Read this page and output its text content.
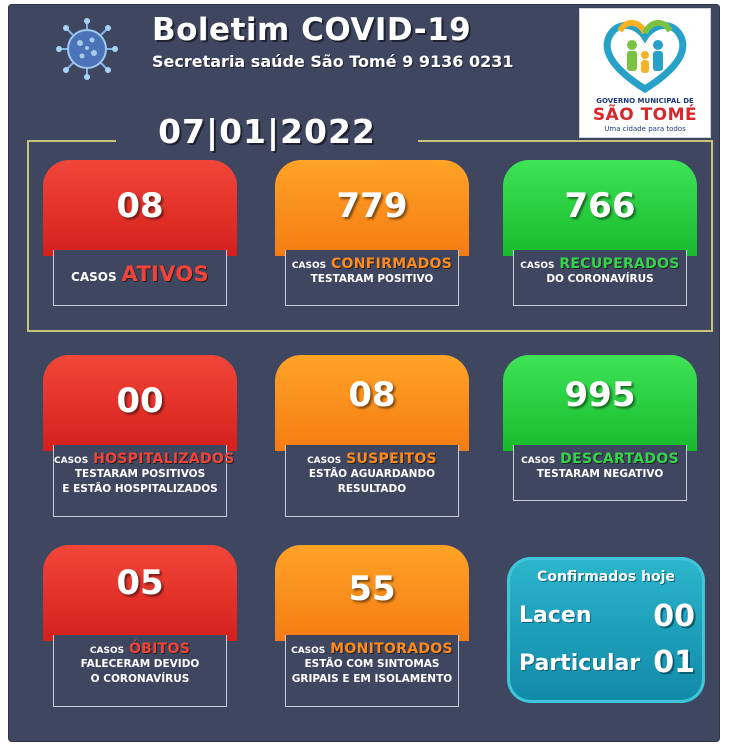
Boletim COVID-19
Secretaria saúde São Tomé 9 9136 0231
GOVERNO MUNICIPAL DE
SÃO TOMÉ
Uma cidade para todos
07|01|2022
08
CASOS ATIVOS
779
CASOS CONFIRMADOS
TESTARAM POSITIVO
766
CASOS RECUPERADOS
DO CORONAVÍRUS
00
CASOS HOSPITALIZADOS
TESTARAM POSITIVOS
E ESTÃO HOSPITALIZADOS
08
CASOS SUSPEITOS
ESTÃO AGUARDANDO
RESULTADO
995
CASOS DESCARTADOS
TESTARAM NEGATIVO
05
CASOS ÓBITOS
FALECERAM DEVIDO
O CORONAVÍRUS
55
CASOS MONITORADOS
ESTÃO COM SINTOMAS
GRIPAIS E EM ISOLAMENTO
Confirmados hoje
Lacen 00
Particular 01
